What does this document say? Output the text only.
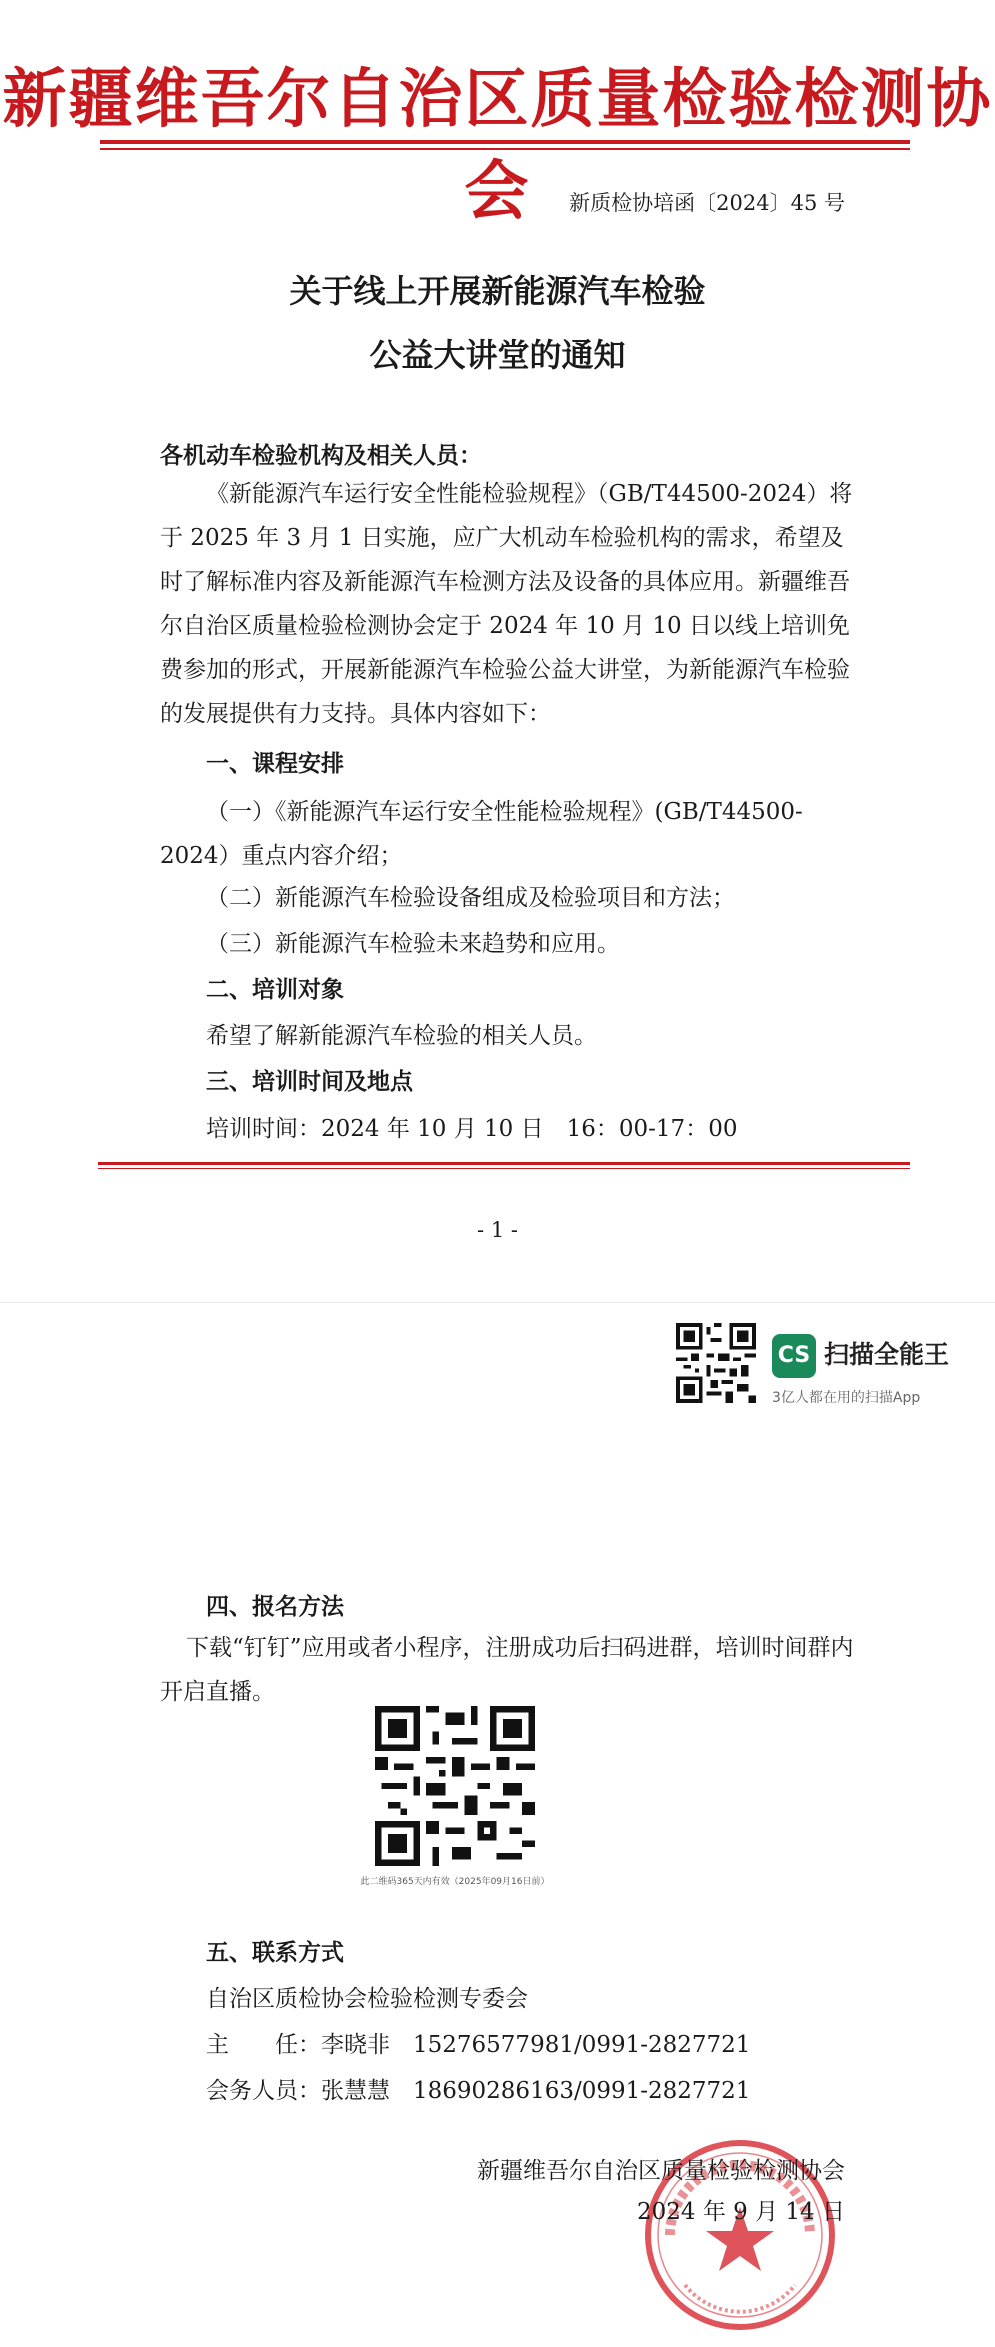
新疆维吾尔自治区质量检验检测协会	新质检协培函〔2024〕45 号
关于线上开展新能源汽车检验
公益大讲堂的通知
各机动车检验机构及相关人员：
《新能源汽车运行安全性能检验规程》（GB/T44500-2024）将于 2025 年 3 月 1 日实施，应广大机动车检验机构的需求，希望及时了解标准内容及新能源汽车检测方法及设备的具体应用。新疆维吾尔自治区质量检验检测协会定于 2024 年 10 月 10 日以线上培训免费参加的形式，开展新能源汽车检验公益大讲堂，为新能源汽车检验的发展提供有力支持。具体内容如下：
一、课程安排
（一）《新能源汽车运行安全性能检验规程》(GB/T44500-2024）重点内容介绍；
（二）新能源汽车检验设备组成及检验项目和方法；
（三）新能源汽车检验未来趋势和应用。
二、培训对象
希望了解新能源汽车检验的相关人员。
三、培训时间及地点
培训时间：2024 年 10 月 10 日　16：00-17：00
- 1 -
CS 扫描全能王
3亿人都在用的扫描App
四、报名方法
下载“钉钉”应用或者小程序，注册成功后扫码进群，培训时间群内开启直播。
此二维码365天内有效（2025年09月16日前）
五、联系方式
自治区质检协会检验检测专委会
主　　任：李晓非　15276577981/0991-2827721
会务人员：张慧慧　18690286163/0991-2827721
新疆维吾尔自治区质量检验检测协会
2024 年 9 月 14 日
